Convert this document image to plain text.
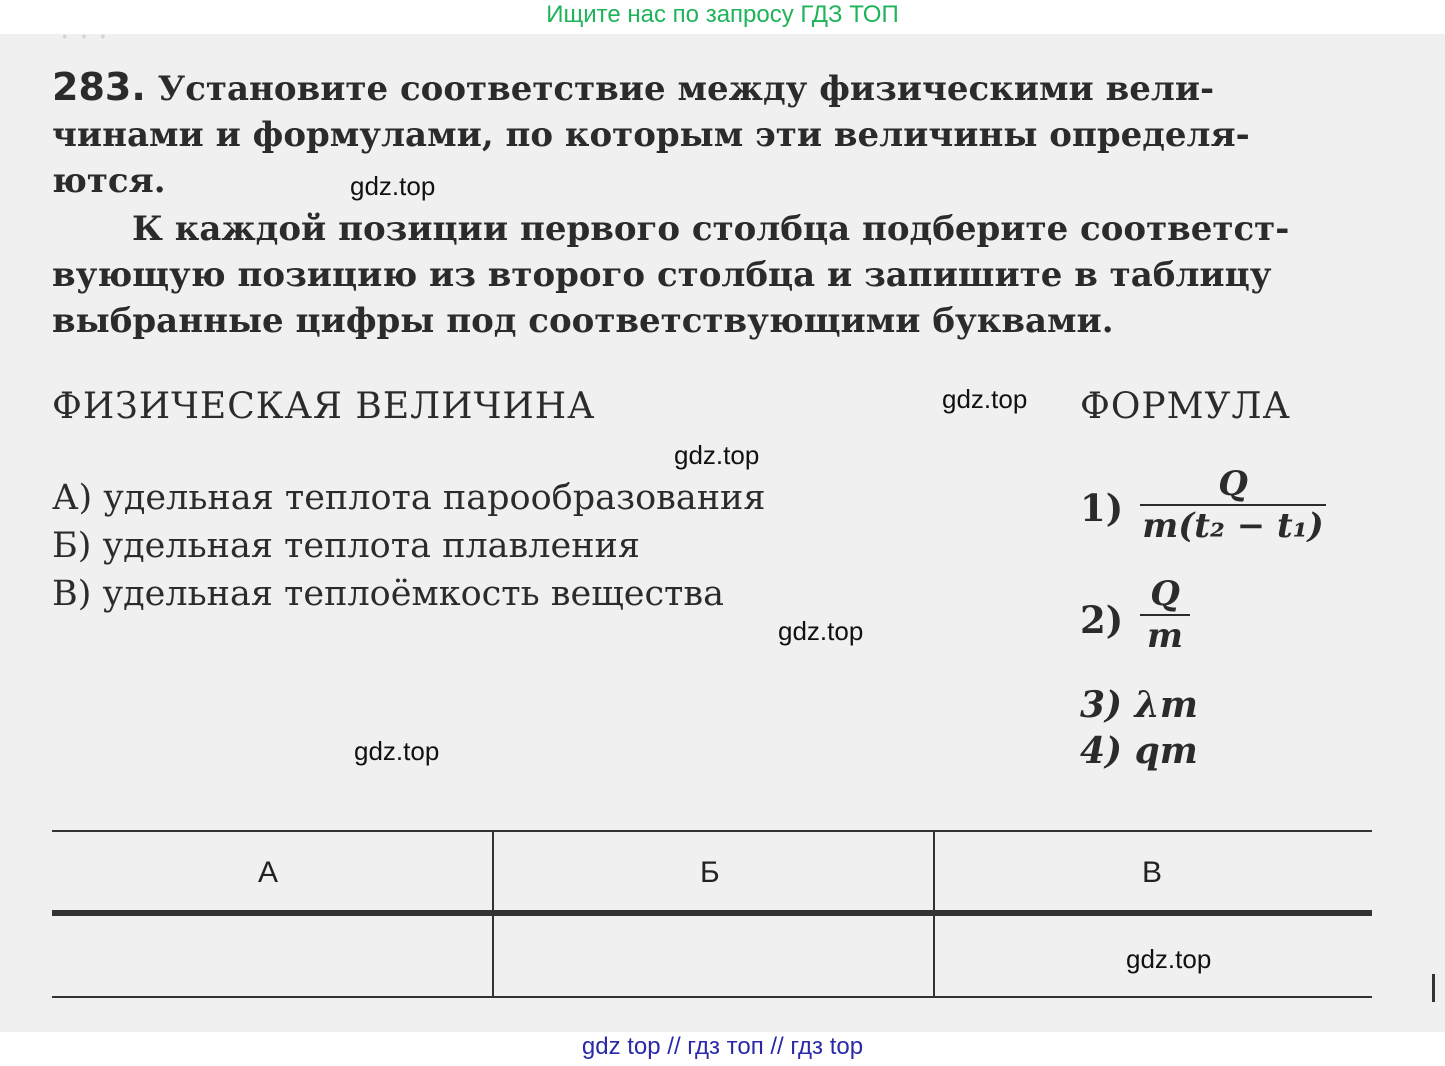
Ищите нас по запросу ГДЗ ТОП
· · ·

283. Установите соответствие между физическими вели-

чинами и формулами, по которым эти величины определя-

ются.

К каждой позиции первого столбца подберите соответст-

вующую позицию из второго столбца и запишите в таблицу

выбранные цифры под соответствующими буквами.

ФИЗИЧЕСКАЯ ВЕЛИЧИНА	ФОРМУЛА
А) удельная теплота парообразования
Б) удельная теплота плавления
В) удельная теплоёмкость вещества
$1) \frac{Q}{\text{m(t₂ − t₁)}}$
$2) \frac{Q}{m}$
3) λm
4) qm
А	Б	В
gdz.top
gdz.top
gdz.top
gdz.top
gdz.top
gdz.top
gdz top // гдз топ // гдз top
